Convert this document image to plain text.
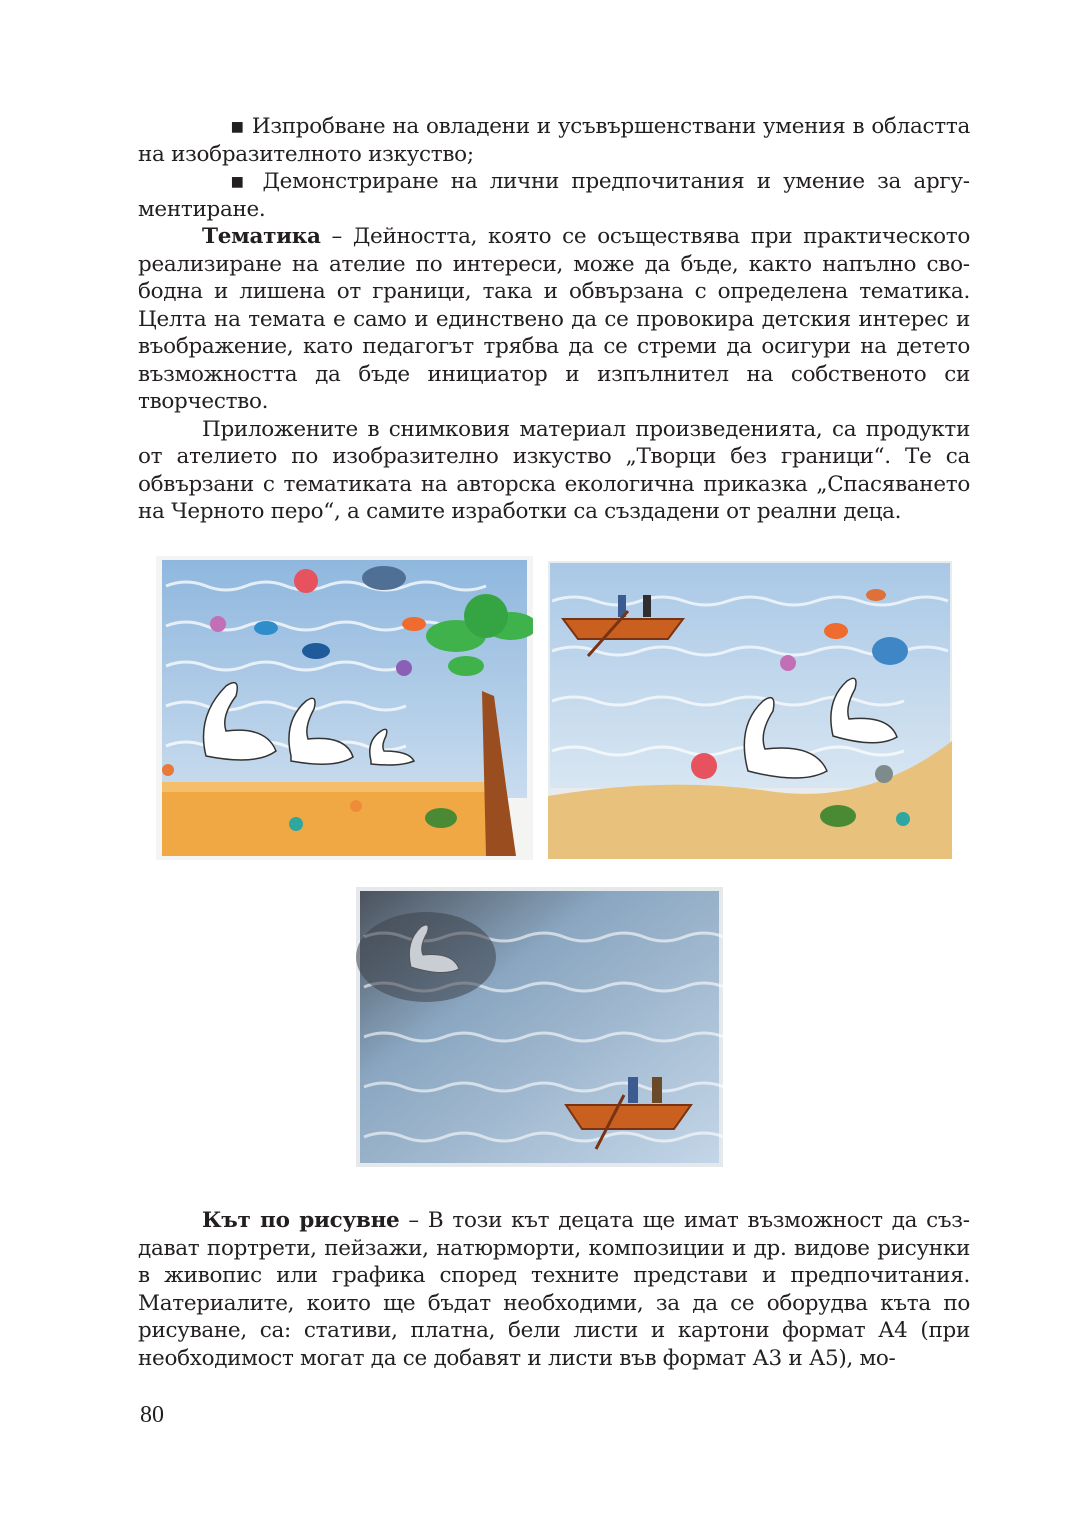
▪ Изпробване на овладени и усъвършенствани умения в областта на изобразителното изкуство;

▪ Демонстриране на лични предпочитания и умение за аргументиране.

Тематика – Дейността, която се осъществява при практическото реализиране на ателие по интереси, може да бъде, както напълно свободна и лишена от граници, така и обвързана с определена тематика. Целта на темата е само и единствено да се провокира детския интерес и въображение, като педагогът трябва да се стреми да осигури на детето възможността да бъде инициатор и изпълнител на собственото си творчество.

Приложените в снимковия материал произведенията, са продукти от ателието по изобразително изкуство „Творци без граници“. Те са обвързани с тематиката на авторска екологична приказка „Спасяването на Черното перо“, а самите изработки са създадени от реални деца.

Кът по рисувне – В този кът децата ще имат възможност да създават портрети, пейзажи, натюрморти, композиции и др. видове рисунки в живопис или графика според техните представи и предпочитания. Материалите, които ще бъдат необходими, за да се оборудва кътa по рисуване, са: стативи, платна, бели листи и картони формат А4 (при необходимост могат да се добавят и листи във формат А3 и А5), мо-

80
